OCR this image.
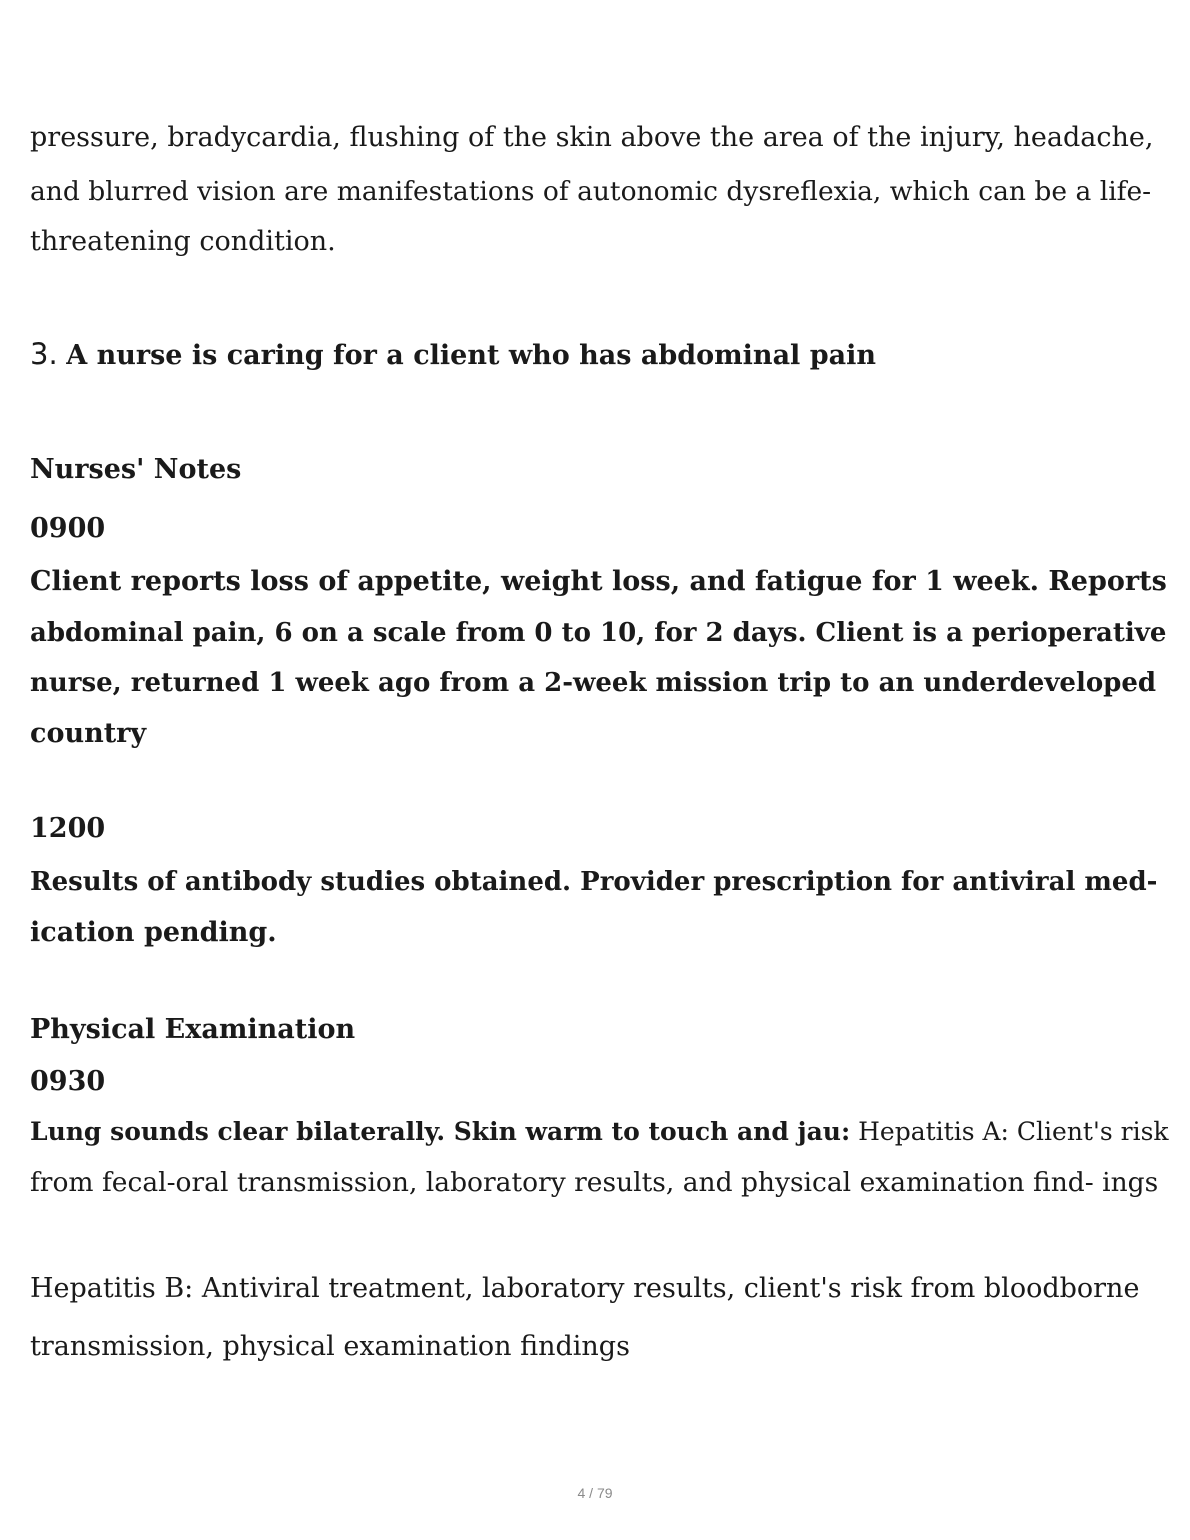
pressure, bradycardia, flushing of the skin above the area of the injury, headache,

and blurred vision are manifestations of autonomic dysreflexia, which can be a life-

threatening condition.

3. A nurse is caring for a client who has abdominal pain

Nurses' Notes

0900

Client reports loss of appetite, weight loss, and fatigue for 1 week. Reports

abdominal pain, 6 on a scale from 0 to 10, for 2 days. Client is a perioperative

nurse, returned 1 week ago from a 2-week mission trip to an underdeveloped

country

1200

Results of antibody studies obtained. Provider prescription for antiviral med-

ication pending.

Physical Examination

0930

Lung sounds clear bilaterally. Skin warm to touch and jau: Hepatitis A: Client's risk

from fecal-oral transmission, laboratory results, and physical examination find- ings

Hepatitis B: Antiviral treatment, laboratory results, client's risk from bloodborne

transmission, physical examination findings

4 / 79
